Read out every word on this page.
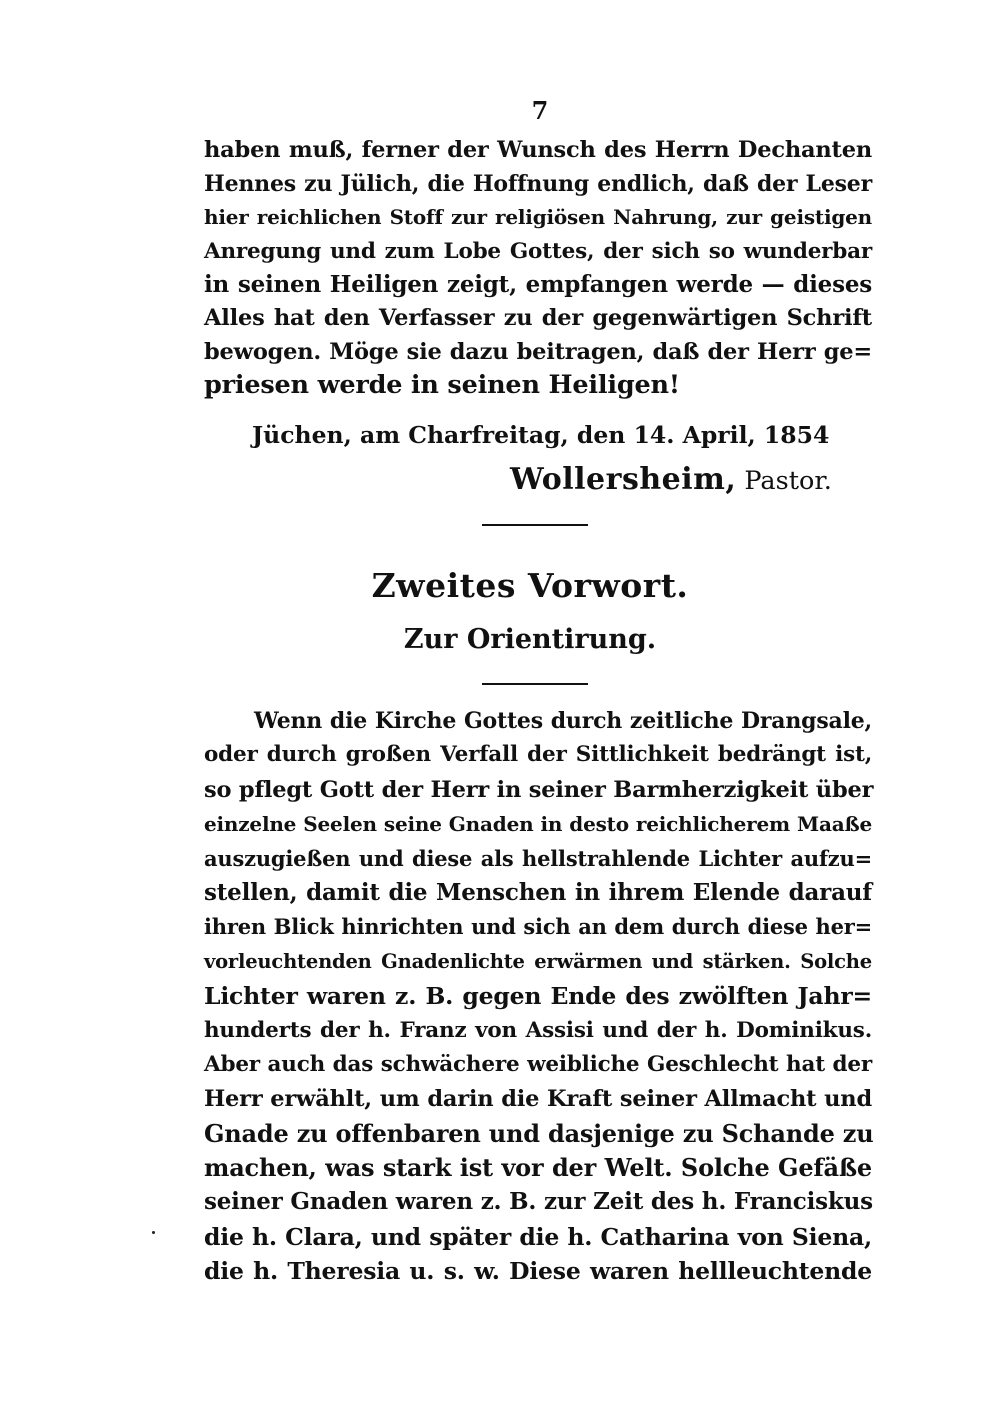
7
haben muß, ferner der Wunsch des Herrn Dechanten
Hennes zu Jülich, die Hoffnung endlich, daß der Leser
hier reichlichen Stoff zur religiösen Nahrung, zur geistigen
Anregung und zum Lobe Gottes, der sich so wunderbar
in seinen Heiligen zeigt, empfangen werde — dieses
Alles hat den Verfasser zu der gegenwärtigen Schrift
bewogen. Möge sie dazu beitragen, daß der Herr ge=
priesen werde in seinen Heiligen!
Jüchen, am Charfreitag, den 14. April, 1854
Wollersheim, Pastor.
Zweites Vorwort.
Zur Orientirung.
Wenn die Kirche Gottes durch zeitliche Drangsale,
oder durch großen Verfall der Sittlichkeit bedrängt ist,
so pflegt Gott der Herr in seiner Barmherzigkeit über
einzelne Seelen seine Gnaden in desto reichlicherem Maaße
auszugießen und diese als hellstrahlende Lichter aufzu=
stellen, damit die Menschen in ihrem Elende darauf
ihren Blick hinrichten und sich an dem durch diese her=
vorleuchtenden Gnadenlichte erwärmen und stärken. Solche
Lichter waren z. B. gegen Ende des zwölften Jahr=
hunderts der h. Franz von Assisi und der h. Dominikus.
Aber auch das schwächere weibliche Geschlecht hat der
Herr erwählt, um darin die Kraft seiner Allmacht und
Gnade zu offenbaren und dasjenige zu Schande zu
machen, was stark ist vor der Welt. Solche Gefäße
seiner Gnaden waren z. B. zur Zeit des h. Franciskus
die h. Clara, und später die h. Catharina von Siena,
die h. Theresia u. s. w. Diese waren hellleuchtende
